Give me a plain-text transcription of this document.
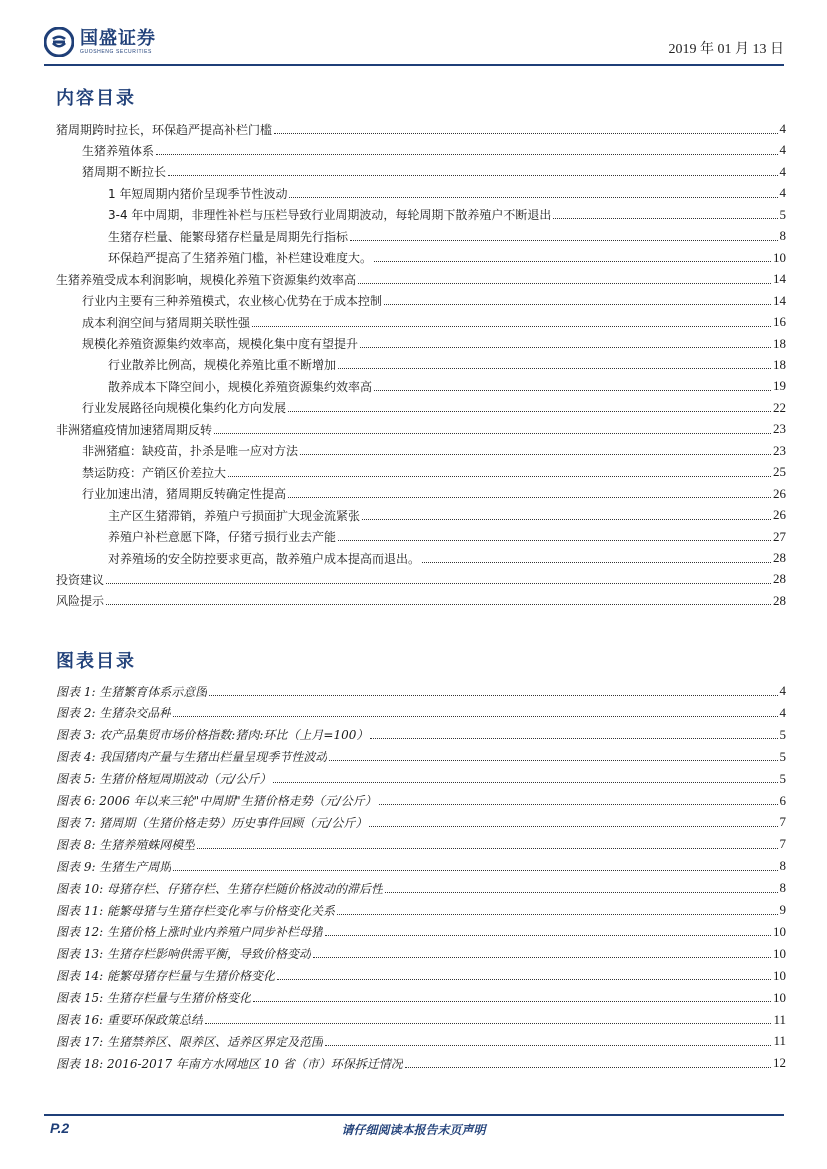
国盛证券
GUOSHENG SECURITIES	2019 年 01 月 13 日
内容目录
猪周期跨时拉长，环保趋严提高补栏门槛	4
生猪养殖体系	4
猪周期不断拉长	4
1 年短周期内猪价呈现季节性波动	4
3-4 年中周期，非理性补栏与压栏导致行业周期波动，每轮周期下散养殖户不断退出	5
生猪存栏量、能繁母猪存栏量是周期先行指标	8
环保趋严提高了生猪养殖门槛，补栏建设难度大。	10
生猪养殖受成本利润影响，规模化养殖下资源集约效率高	14
行业内主要有三种养殖模式，农业核心优势在于成本控制	14
成本利润空间与猪周期关联性强	16
规模化养殖资源集约效率高，规模化集中度有望提升	18
行业散养比例高，规模化养殖比重不断增加	18
散养成本下降空间小，规模化养殖资源集约效率高	19
行业发展路径向规模化集约化方向发展	22
非洲猪瘟疫情加速猪周期反转	23
非洲猪瘟：缺疫苗，扑杀是唯一应对方法	23
禁运防疫：产销区价差拉大	25
行业加速出清，猪周期反转确定性提高	26
主产区生猪滞销，养殖户亏损面扩大现金流紧张	26
养殖户补栏意愿下降，仔猪亏损行业去产能	27
对养殖场的安全防控要求更高，散养殖户成本提高而退出。	28
投资建议	28
风险提示	28
图表目录
图表 1: 生猪繁育体系示意图	4
图表 2: 生猪杂交品种	4
图表 3: 农产品集贸市场价格指数:猪肉:环比（上月=100）	5
图表 4: 我国猪肉产量与生猪出栏量呈现季节性波动	5
图表 5: 生猪价格短周期波动（元/公斤）	5
图表 6: 2006 年以来三轮"中周期"生猪价格走势（元/公斤）	6
图表 7: 猪周期（生猪价格走势）历史事件回顾（元/公斤）	7
图表 8: 生猪养殖蛛网模型	7
图表 9: 生猪生产周期	8
图表 10: 母猪存栏、仔猪存栏、生猪存栏随价格波动的滞后性	8
图表 11: 能繁母猪与生猪存栏变化率与价格变化关系	9
图表 12: 生猪价格上涨时业内养殖户同步补栏母猪	10
图表 13: 生猪存栏影响供需平衡，导致价格变动	10
图表 14: 能繁母猪存栏量与生猪价格变化	10
图表 15: 生猪存栏量与生猪价格变化	10
图表 16: 重要环保政策总结	11
图表 17: 生猪禁养区、限养区、适养区界定及范围	11
图表 18: 2016-2017 年南方水网地区 10 省（市）环保拆迁情况	12
P.2	请仔细阅读本报告末页声明
